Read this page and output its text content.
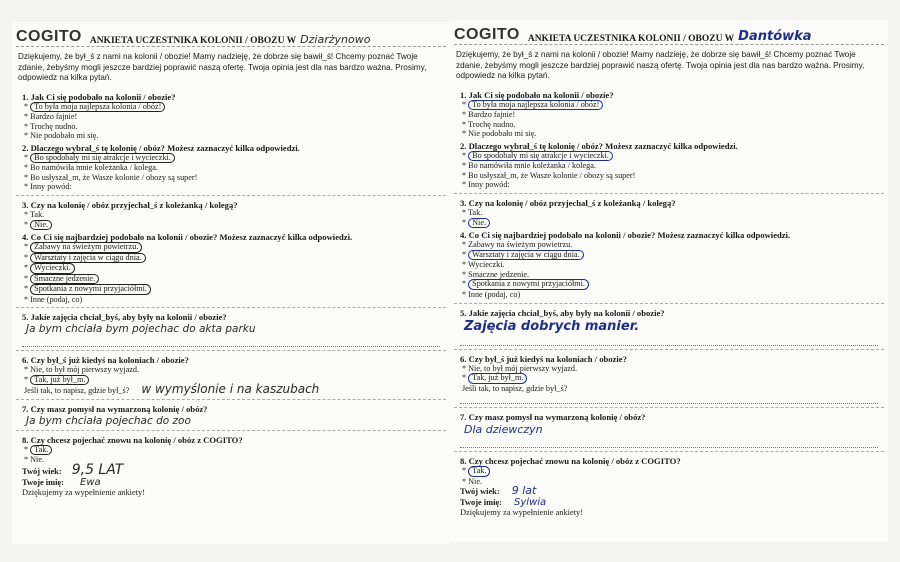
COGITO ANKIETA UCZESTNIKA KOLONII / OBOZU W Dziarżynowo
Dziękujemy, że był_ś z nami na kolonii / obozie! Mamy nadzieję, że dobrze się bawił_ś! Chcemy poznać Twoje zdanie, żebyśmy mogli jeszcze bardziej poprawić naszą ofertę. Twoja opinia jest dla nas bardzo ważna. Prosimy, odpowiedz na kilka pytań.
1. Jak Ci się podobało na kolonii / obozie?
* To była moja najlepsza kolonia / obóz!
* Bardzo fajnie!
* Trochę nudno.
* Nie podobało mi się.
2. Dlaczego wybrał_ś tę kolonię / obóz? Możesz zaznaczyć kilka odpowiedzi.
* Bo spodobały mi się atrakcje i wycieczki.
* Bo namówiła mnie koleżanka / kolega.
* Bo usłyszał_m, że Wasze kolonie / obozy są super!
* Inny powód:
3. Czy na kolonię / obóz przyjechał_ś z koleżanką / kolegą?
* Tak.
* Nie.
4. Co Ci się najbardziej podobało na kolonii / obozie? Możesz zaznaczyć kilka odpowiedzi.
* Zabawy na świeżym powietrzu.
* Warsztaty i zajęcia w ciągu dnia.
* Wycieczki.
* Smaczne jedzenie.
* Spotkania z nowymi przyjaciółmi.
* Inne (podaj, co)
5. Jakie zajęcia chciał_byś, aby były na kolonii / obozie?
Ja bym chciała bym pojechac do akta parku
6. Czy był_ś już kiedyś na koloniach / obozie?
* Nie, to był mój pierwszy wyjazd.
* Tak, już był_m.
Jeśli tak, to napisz, gdzie był_ś? w wymyślonie i na kaszubach
7. Czy masz pomysł na wymarzoną kolonię / obóz?
Ja bym chciała pojechac do zoo
8. Czy chcesz pojechać znowu na kolonię / obóz z COGITO?
* Tak.
* Nie.
Twój wiek: 9,5 LAT
Twoje imię: Ewa
Dziękujemy za wypełnienie ankiety!
COGITO ANKIETA UCZESTNIKA KOLONII / OBOZU W Dantówka
Dziękujemy, że był_ś z nami na kolonii / obozie! Mamy nadzieję, że dobrze się bawił_ś! Chcemy poznać Twoje zdanie, żebyśmy mogli jeszcze bardziej poprawić naszą ofertę. Twoja opinia jest dla nas bardzo ważna. Prosimy, odpowiedz na kilka pytań.
1. Jak Ci się podobało na kolonii / obozie?
* To była moja najlepsza kolonia / obóz!
* Bardzo fajnie!
* Trochę nudno.
* Nie podobało mi się.
2. Dlaczego wybrał_ś tę kolonię / obóz? Możesz zaznaczyć kilka odpowiedzi.
* Bo spodobały mi się atrakcje i wycieczki.
* Bo namówiła mnie koleżanka / kolega.
* Bo usłyszał_m, że Wasze kolonie / obozy są super!
* Inny powód:
3. Czy na kolonię / obóz przyjechał_ś z koleżanką / kolegą?
* Tak.
* Nie.
4. Co Ci się najbardziej podobało na kolonii / obozie? Możesz zaznaczyć kilka odpowiedzi.
* Zabawy na świeżym powietrzu.
* Warsztaty i zajęcia w ciągu dnia.
* Wycieczki.
* Smaczne jedzenie.
* Spotkania z nowymi przyjaciółmi.
* Inne (podaj, co)
5. Jakie zajęcia chciał_byś, aby były na kolonii / obozie?
Zajęcia dobrych manier.
6. Czy był_ś już kiedyś na koloniach / obozie?
* Nie, to był mój pierwszy wyjazd.
* Tak, już był_m.
Jeśli tak, to napisz, gdzie był_ś?
7. Czy masz pomysł na wymarzoną kolonię / obóz?
Dla dziewczyn
8. Czy chcesz pojechać znowu na kolonię / obóz z COGITO?
* Tak.
* Nie.
Twój wiek: 9 lat
Twoje imię: Sylwia
Dziękujemy za wypełnienie ankiety!
